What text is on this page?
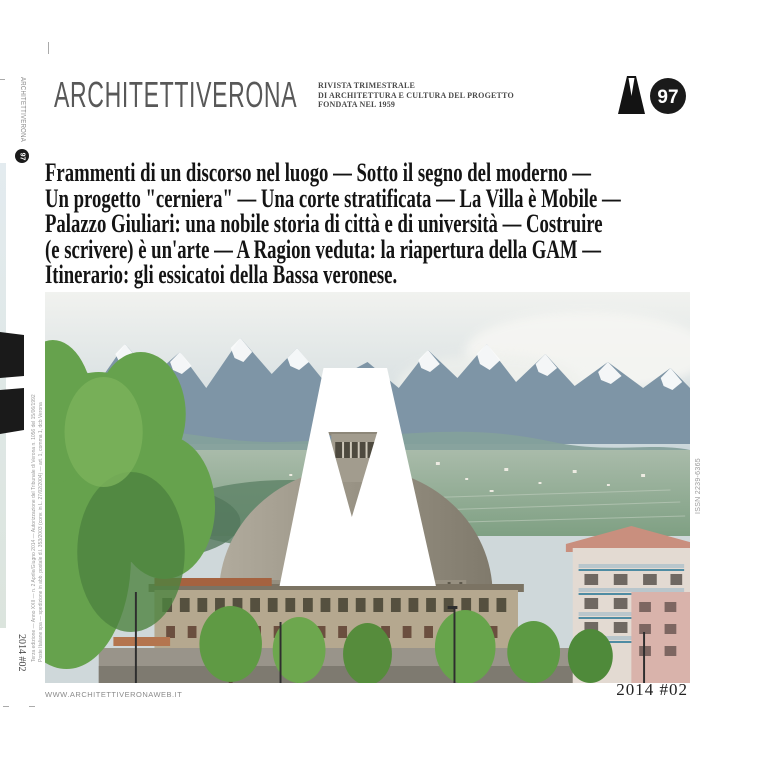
ARCHITETTIVERONA
97
Terza edizione — Anno XXII — n. 2 Aprile/Giugno 2014 — Autorizzazione del Tribunale di Verona n. 1056 del 15/06/1992 Poste Italiane spa — spedizione in abb. postale d.l. 353/2003 (conv. in L. 27/02/2004) — art. 1, comma 1, dcb Verona
2014 #02
ARCHITETTIVERONA	RIVISTA TRIMESTRALE
DI ARCHITETTURA E CULTURA DEL PROGETTO
FONDATA NEL 1959	97
Frammenti di un discorso nel luogo — Sotto il segno del moderno —
Un progetto "cerniera" — Una corte stratificata — La Villa è Mobile —
Palazzo Giuliari: una nobile storia di città e di università — Costruire
(e scrivere) è un'arte — A Ragion veduta: la riapertura della GAM —
Itinerario: gli essicatoi della Bassa veronese.
ISSN 2239-6365
WWW.ARCHITETTIVERONAWEB.IT	2014 #02
